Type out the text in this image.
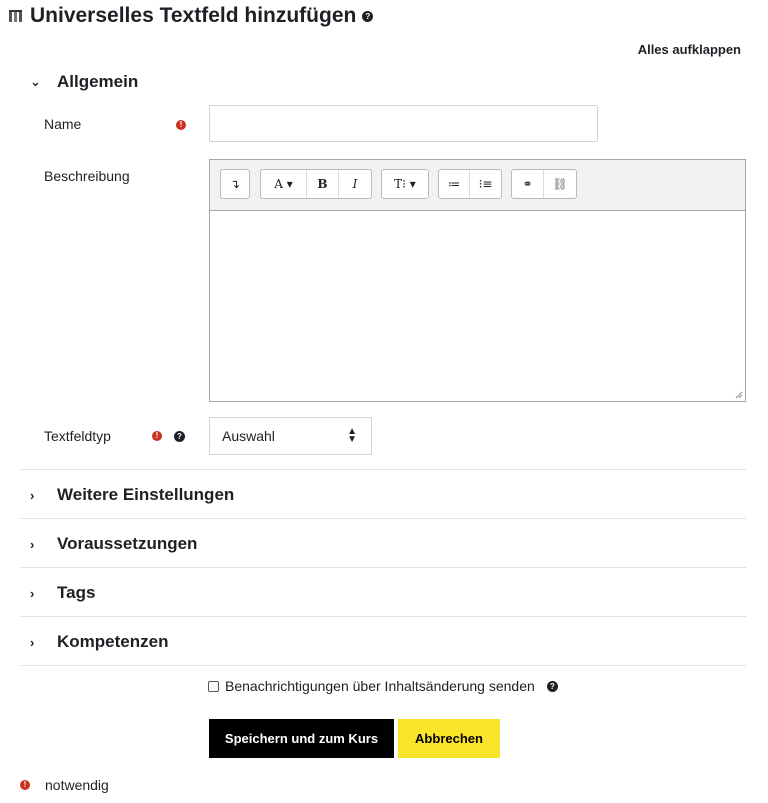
Universelles Textfeld hinzufügen	?
Alles aufklappen
⌄ Allgemein
Name	!
Beschreibung	↴	A ▾	B	I	T⁝ ▾	≔	⁝≡	⚭	⛓
Textfeldtyp	!	?	Auswahl	▲
▼
›	Weitere Einstellungen
›	Voraussetzungen
›	Tags
›	Kompetenzen
Benachrichtigungen über Inhaltsänderung senden	?
Speichern und zum Kurs	Abbrechen
! notwendig
